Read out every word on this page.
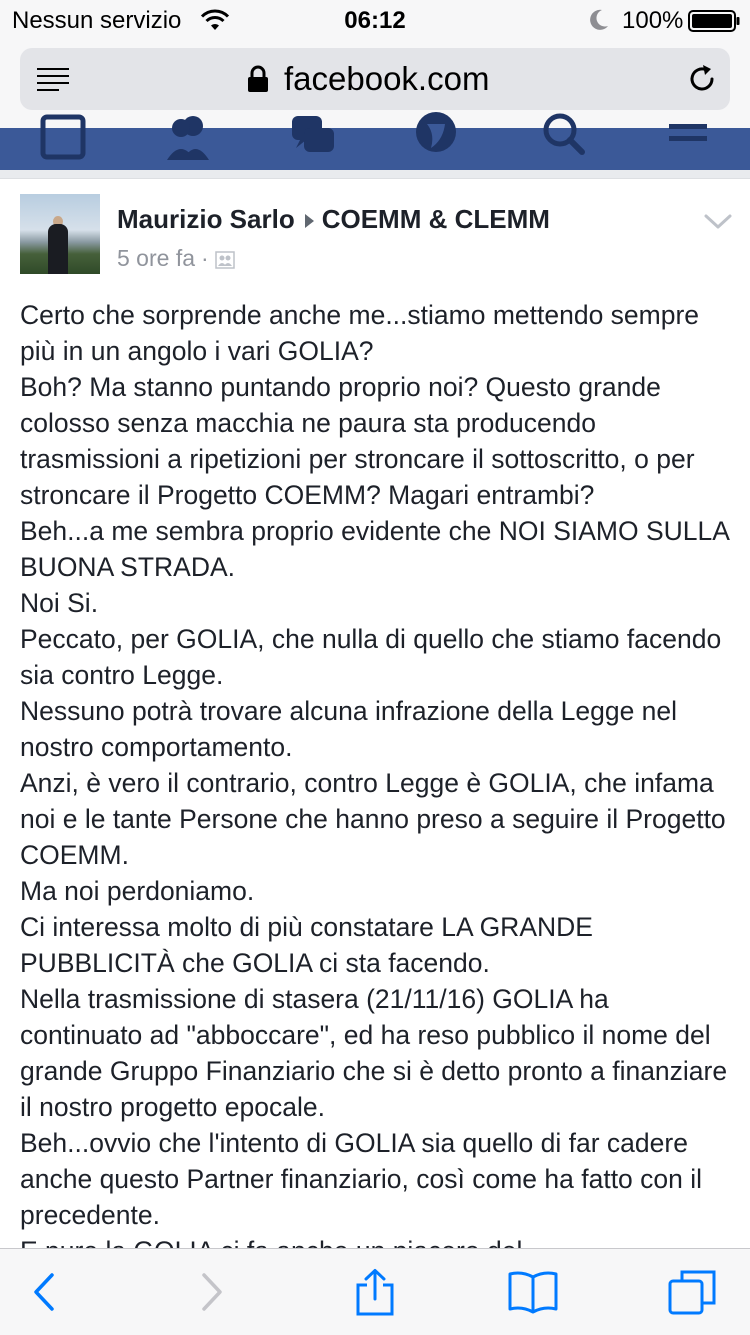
Nessun servizio	06:12	100%
facebook.com
Maurizio Sarlo COEMM & CLEMM
5 ore fa ·

Certo che sorprende anche me...stiamo mettendo sempre più in un angolo i vari GOLIA?

Boh? Ma stanno puntando proprio noi? Questo grande colosso senza macchia ne paura sta producendo trasmissioni a ripetizioni per stroncare il sottoscritto, o per stroncare il Progetto COEMM? Magari entrambi?

Beh...a me sembra proprio evidente che NOI SIAMO SULLA BUONA STRADA.

Noi Si.

Peccato, per GOLIA, che nulla di quello che stiamo facendo sia contro Legge.

Nessuno potrà trovare alcuna infrazione della Legge nel nostro comportamento.

Anzi, è vero il contrario, contro Legge è GOLIA, che infama noi e le tante Persone che hanno preso a seguire il Progetto COEMM.

Ma noi perdoniamo.

Ci interessa molto di più constatare LA GRANDE PUBBLICITÀ che GOLIA ci sta facendo.

Nella trasmissione di stasera (21/11/16) GOLIA ha continuato ad "abboccare", ed ha reso pubblico il nome del grande Gruppo Finanziario che si è detto pronto a finanziare il nostro progetto epocale.

Beh...ovvio che l'intento di GOLIA sia quello di far cadere anche questo Partner finanziario, così come ha fatto con il precedente.
